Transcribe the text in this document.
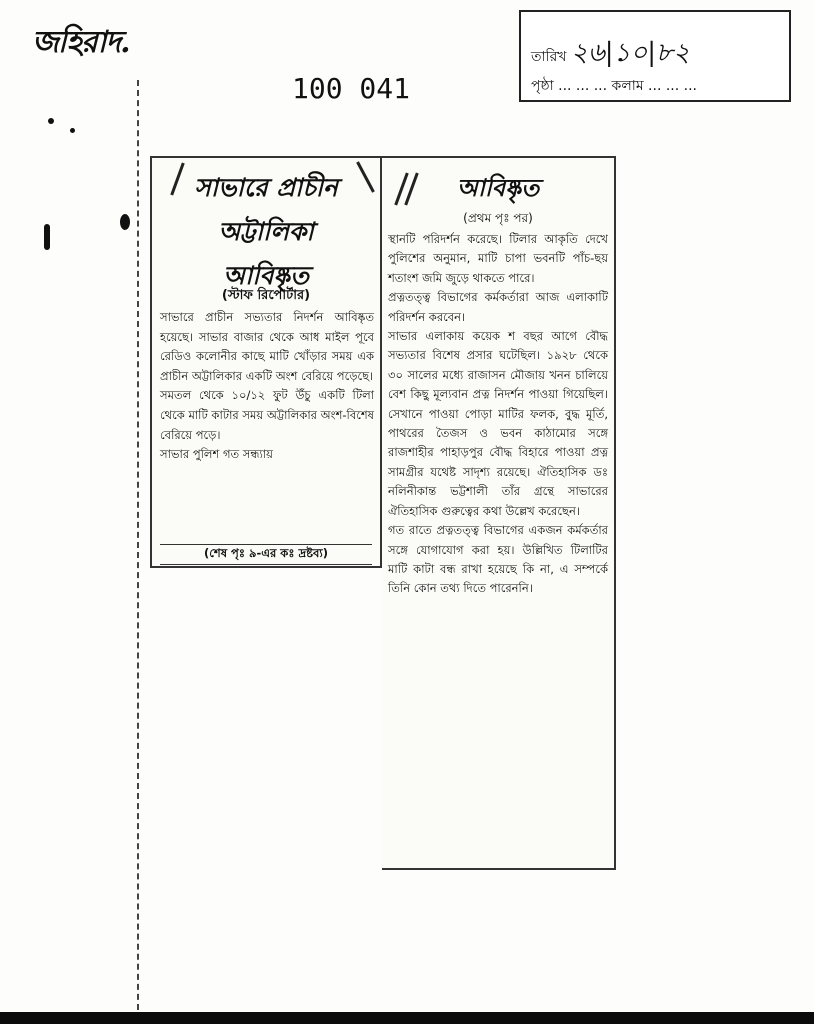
জহিরাদ.
100 041
তারিখ ২৬|১০|৮২
পৃষ্ঠা ... ... ... কলাম ... ... ...
সাভারে প্রাচীন
অট্টালিকা
আবিষ্কৃত
(স্টাফ রিপোর্টার)
সাভারে প্রাচীন সভ্যতার নিদর্শন আবিষ্কৃত হয়েছে। সাভার বাজার থেকে আধ মাইল পূবে রেডিও কলোনীর কাছে মাটি খোঁড়ার সময় এক প্রাচীন অট্টালিকার একটি অংশ বেরিয়ে পড়েছে।
সমতল থেকে ১০/১২ ফুট উঁচু একটি টিলা থেকে মাটি কাটার সময় অট্টালিকার অংশ-বিশেষ বেরিয়ে পড়ে।
সাভার পুলিশ গত সন্ধ্যায়
(শেষ পৃঃ ৯-এর কঃ দ্রষ্টব্য)
আবিষ্কৃত
(প্রথম পৃঃ পর)
স্থানটি পরিদর্শন করেছে। টিলার আকৃতি দেখে পুলিশের অনুমান, মাটি চাপা ভবনটি পাঁচ-ছয় শতাংশ জমি জুড়ে থাকতে পারে।
প্রত্নতত্ত্ব বিভাগের কর্মকর্তারা আজ এলাকাটি পরিদর্শন করবেন।
সাভার এলাকায় কয়েক শ বছর আগে বৌদ্ধ সভ্যতার বিশেষ প্রসার ঘটেছিল। ১৯২৮ থেকে ৩০ সালের মধ্যে রাজাসন মৌজায় খনন চালিয়ে বেশ কিছু মূল্যবান প্রত্ন নিদর্শন পাওয়া গিয়েছিল। সেখানে পাওয়া পোড়া মাটির ফলক, বুদ্ধ মূর্তি, পাথরের তৈজস ও ভবন কাঠামোর সঙ্গে রাজশাহীর পাহাড়পুর বৌদ্ধ বিহারে পাওয়া প্রত্ন সামগ্রীর যথেষ্ট সাদৃশ্য রয়েছে। ঐতিহাসিক ডঃ নলিনীকান্ত ভট্টশালী তাঁর গ্রন্থে সাভারের ঐতিহাসিক গুরুত্বের কথা উল্লেখ করেছেন।
গত রাতে প্রত্নতত্ত্ব বিভাগের একজন কর্মকর্তার সঙ্গে যোগাযোগ করা হয়। উল্লিখিত টিলাটির মাটি কাটা বন্ধ রাখা হয়েছে কি না, এ সম্পর্কে তিনি কোন তথ্য দিতে পারেননি।
